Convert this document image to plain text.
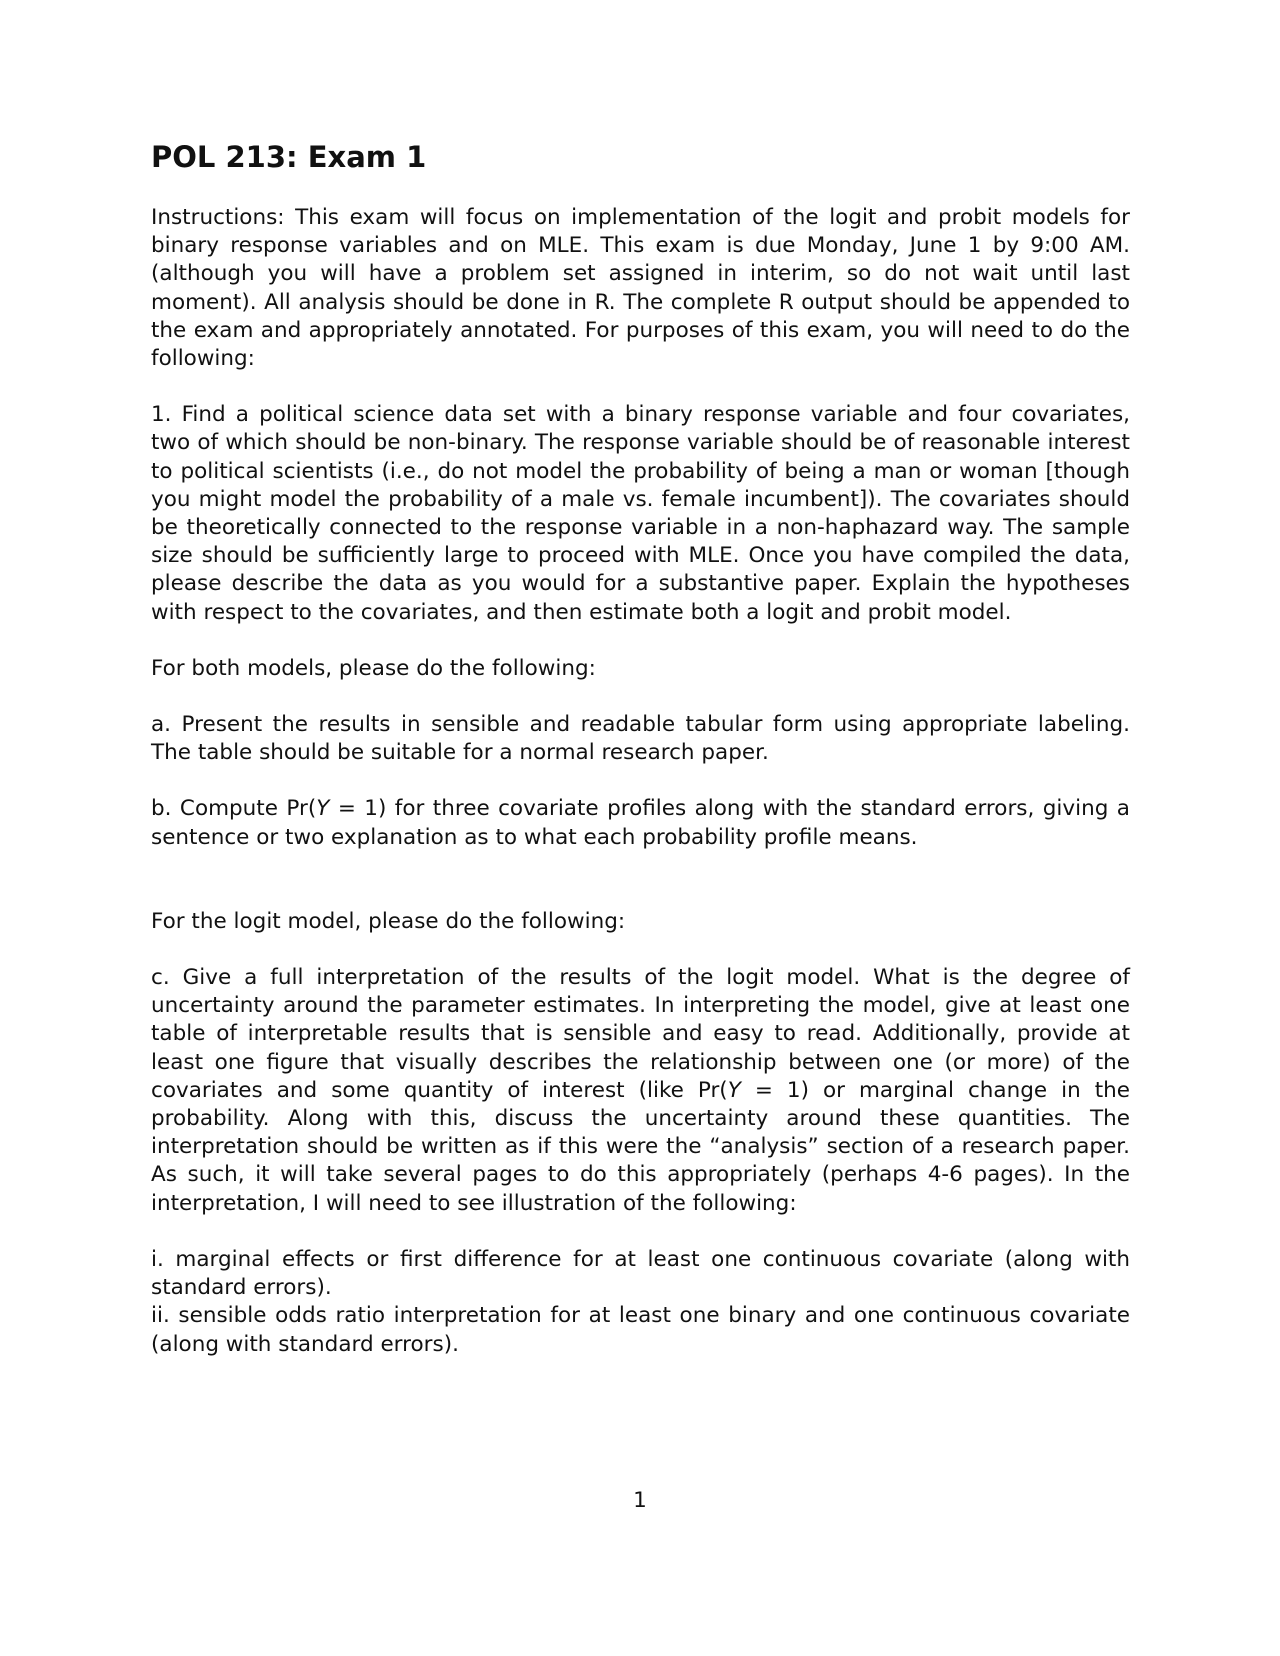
POL 213: Exam 1

Instructions: This exam will focus on implementation of the logit and probit models for binary response variables and on MLE. This exam is due Monday, June 1 by 9:00 AM. (although you will have a problem set assigned in interim, so do not wait until last moment). All analysis should be done in R. The complete R output should be appended to the exam and appropriately annotated. For purposes of this exam, you will need to do the following:

1. Find a political science data set with a binary response variable and four covariates, two of which should be non-binary. The response variable should be of reasonable interest to political scientists (i.e., do not model the probability of being a man or woman [though you might model the probability of a male vs. female incumbent]). The covariates should be theoretically connected to the response variable in a non-haphazard way. The sample size should be sufficiently large to proceed with MLE. Once you have compiled the data, please describe the data as you would for a substantive paper. Explain the hypotheses with respect to the covariates, and then estimate both a logit and probit model.

For both models, please do the following:

a. Present the results in sensible and readable tabular form using appropriate labeling. The table should be suitable for a normal research paper.

b. Compute Pr(Y = 1) for three covariate profiles along with the standard errors, giving a sentence or two explanation as to what each probability profile means.

For the logit model, please do the following:

c. Give a full interpretation of the results of the logit model. What is the degree of uncertainty around the parameter estimates. In interpreting the model, give at least one table of interpretable results that is sensible and easy to read. Additionally, provide at least one figure that visually describes the relationship between one (or more) of the covariates and some quantity of interest (like Pr(Y = 1) or marginal change in the probability. Along with this, discuss the uncertainty around these quantities. The interpretation should be written as if this were the “analysis” section of a research paper. As such, it will take several pages to do this appropriately (perhaps 4-6 pages). In the interpretation, I will need to see illustration of the following:

i. marginal effects or first difference for at least one continuous covariate (along with standard errors).

ii. sensible odds ratio interpretation for at least one binary and one continuous covariate (along with standard errors).

1
